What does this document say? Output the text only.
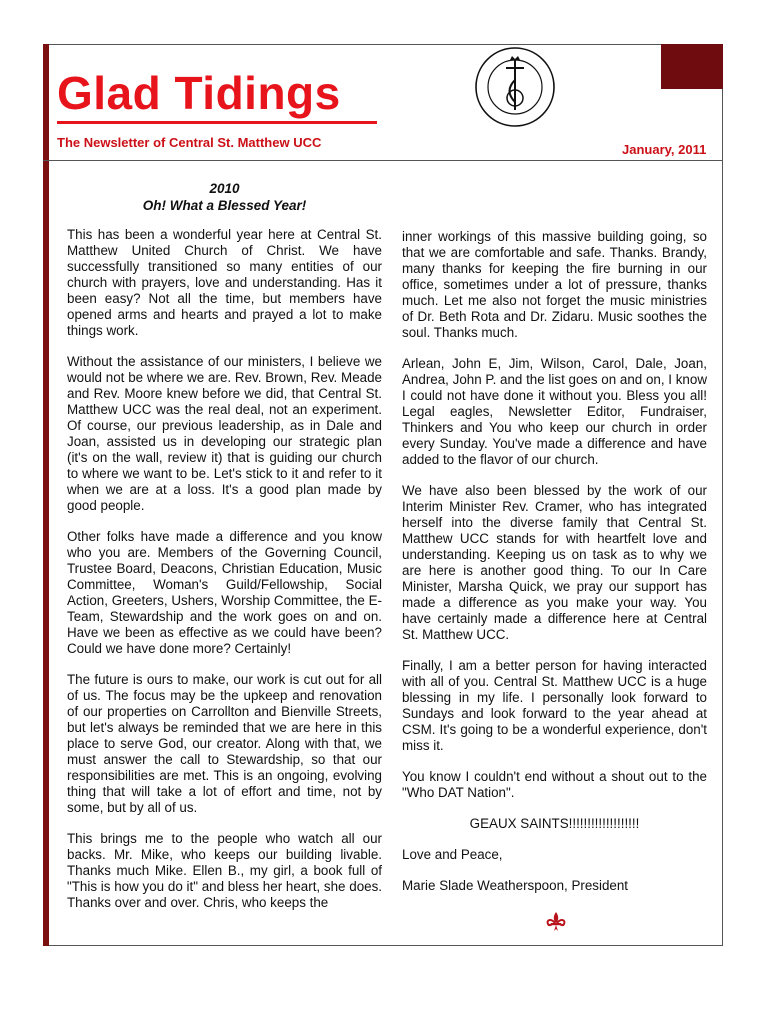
Glad Tidings
The Newsletter of Central St. Matthew UCC	January, 2011
2010
Oh! What a Blessed Year!

This has been a wonderful year here at Central St. Matthew United Church of Christ. We have successfully transitioned so many entities of our church with prayers, love and understanding. Has it been easy? Not all the time, but members have opened arms and hearts and prayed a lot to make things work.

Without the assistance of our ministers, I believe we would not be where we are. Rev. Brown, Rev. Meade and Rev. Moore knew before we did, that Central St. Matthew UCC was the real deal, not an experiment. Of course, our previous leadership, as in Dale and Joan, assisted us in developing our strategic plan (it's on the wall, review it) that is guiding our church to where we want to be. Let's stick to it and refer to it when we are at a loss. It's a good plan made by good people.

Other folks have made a difference and you know who you are. Members of the Governing Council, Trustee Board, Deacons, Christian Education, Music Committee, Woman's Guild/Fellowship, Social Action, Greeters, Ushers, Worship Committee, the E-Team, Stewardship and the work goes on and on. Have we been as effective as we could have been? Could we have done more? Certainly!

The future is ours to make, our work is cut out for all of us. The focus may be the upkeep and renovation of our properties on Carrollton and Bienville Streets, but let's always be reminded that we are here in this place to serve God, our creator. Along with that, we must answer the call to Stewardship, so that our responsibilities are met. This is an ongoing, evolving thing that will take a lot of effort and time, not by some, but by all of us.

This brings me to the people who watch all our backs. Mr. Mike, who keeps our building livable. Thanks much Mike. Ellen B., my girl, a book full of "This is how you do it" and bless her heart, she does. Thanks over and over. Chris, who keeps the

inner workings of this massive building going, so that we are comfortable and safe. Thanks. Brandy, many thanks for keeping the fire burning in our office, sometimes under a lot of pressure, thanks much. Let me also not forget the music ministries of Dr. Beth Rota and Dr. Zidaru. Music soothes the soul. Thanks much.

Arlean, John E, Jim, Wilson, Carol, Dale, Joan, Andrea, John P. and the list goes on and on, I know I could not have done it without you. Bless you all! Legal eagles, Newsletter Editor, Fundraiser, Thinkers and You who keep our church in order every Sunday. You've made a difference and have added to the flavor of our church.

We have also been blessed by the work of our Interim Minister Rev. Cramer, who has integrated herself into the diverse family that Central St. Matthew UCC stands for with heartfelt love and understanding. Keeping us on task as to why we are here is another good thing. To our In Care Minister, Marsha Quick, we pray our support has made a difference as you make your way. You have certainly made a difference here at Central St. Matthew UCC.

Finally, I am a better person for having interacted with all of you. Central St. Matthew UCC is a huge blessing in my life. I personally look forward to Sundays and look forward to the year ahead at CSM. It's going to be a wonderful experience, don't miss it.

You know I couldn't end without a shout out to the "Who DAT Nation".

GEAUX SAINTS!!!!!!!!!!!!!!!!!!!

Love and Peace,

Marie Slade Weatherspoon, President
